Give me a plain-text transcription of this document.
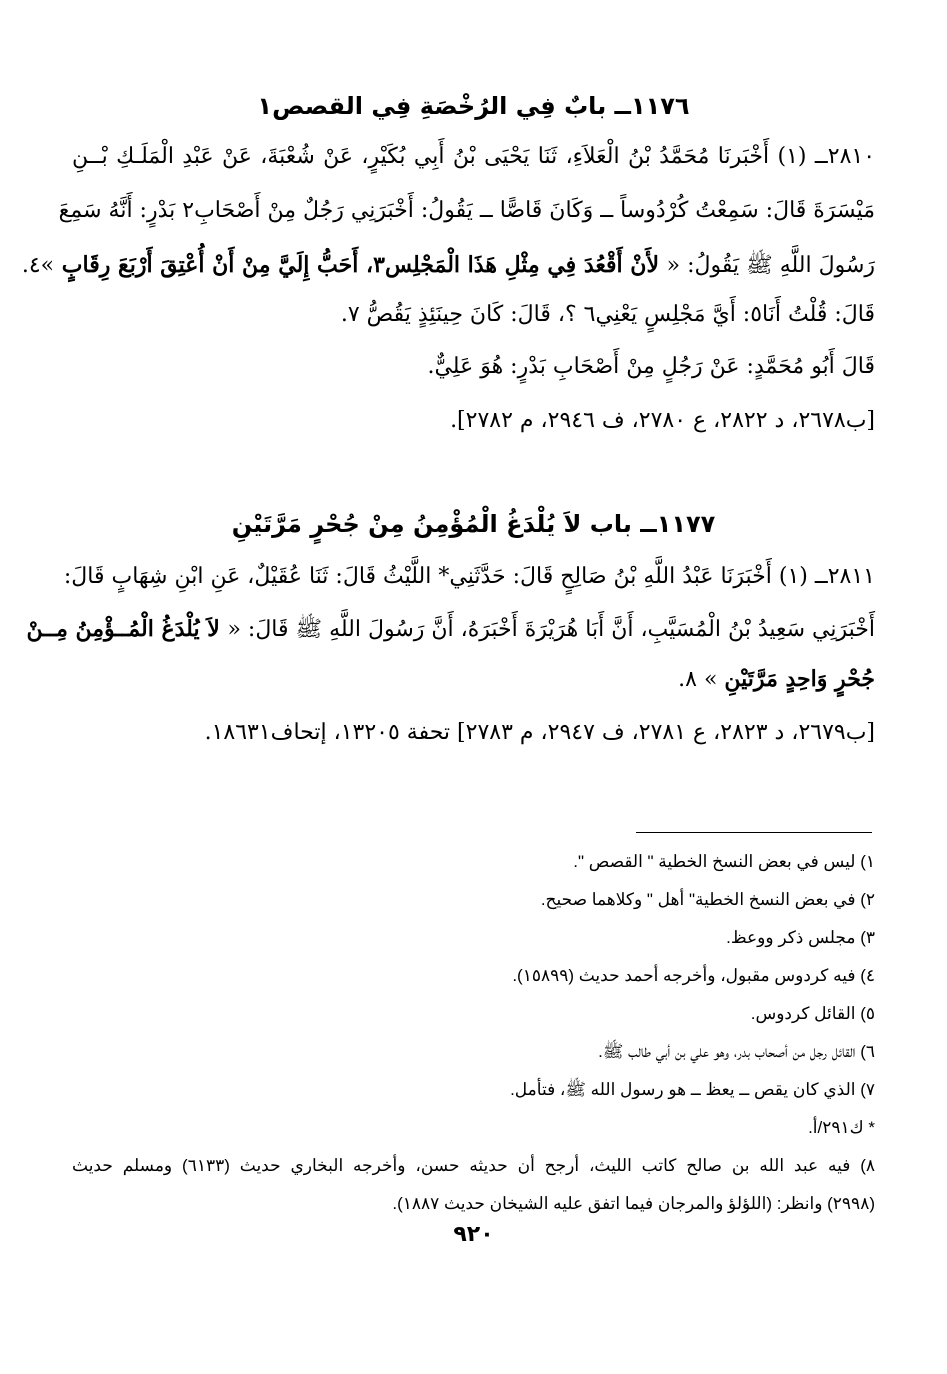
١١٧٦ــ بابٌ فِي الرُخْصَةِ فِي القصص١
٢٨١٠ــ (١) أَخْبَرنَا مُحَمَّدُ بْنُ الْعَلاَءِ، ثَنَا يَحْيَى بْنُ أَبِي بُكَيْرٍ، عَنْ شُعْبَةَ، عَنْ عَبْدِ الْمَلَـكِ بْــنِ
مَيْسَرَةَ قَالَ: سَمِعْتُ كُرْدُوساً ــ وَكَانَ قَاصًّا ــ يَقُولُ: أَخْبَرَنِي رَجُلٌ مِنْ أَصْحَابِ٢ بَدْرٍ: أَنَّهُ سَمِعَ
رَسُولَ اللَّهِ ﷺ يَقُولُ: « لأَنْ أَقْعُدَ فِي مِثْلِ هَذَا الْمَجْلِس٣، أَحَبُّ إِلَيَّ مِنْ أَنْ أُعْتِقَ أَرْبَعَ رِقَابٍ »٤.
قَالَ: قُلْتُ أَنَا٥: أَيَّ مَجْلِسٍ يَعْنِي٦ ؟، قَالَ: كَانَ حِينَئِذٍ يَقُصُّ ٧.
قَالَ أَبُو مُحَمَّدٍ: عَنْ رَجُلٍ مِنْ أَصْحَابِ بَدْرٍ: هُوَ عَلِيٌّ.
[ب٢٦٧٨، د ٢٨٢٢، ع ٢٧٨٠، ف ٢٩٤٦، م ٢٧٨٢].
١١٧٧ــ باب لاَ يُلْدَغُ الْمُؤْمِنُ مِنْ جُحْرٍ مَرَّتَيْنِ
٢٨١١ــ (١) أَخْبَرَنَا عَبْدُ اللَّهِ بْنُ صَالِحٍ قَالَ: حَدَّثَنِي* اللَّيْثُ قَالَ: ثَنَا عُقَيْلٌ، عَنِ ابْنِ شِهَابٍ قَالَ:
أَخْبَرَنِي سَعِيدُ بْنُ الْمُسَيَّبِ، أَنَّ أَبَا هُرَيْرَةَ أَخْبَرَهُ، أَنَّ رَسُولَ اللَّهِ ﷺ قَالَ: « لاَ يُلْدَغُ الْمُــؤْمِنُ مِــنْ
جُحْرٍ وَاحِدٍ مَرَّتَيْنِ » ٨.
[ب٢٦٧٩، د ٢٨٢٣، ع ٢٧٨١، ف ٢٩٤٧، م ٢٧٨٣] تحفة ١٣٢٠٥، إتحاف١٨٦٣١.
١) ليس في بعض النسخ الخطية " القصص ".
٢) في بعض النسخ الخطية" أهل " وكلاهما صحيح.
٣) مجلس ذكر ووعظ.
٤) فيه كردوس مقبول، وأخرجه أحمد حديث (١٥٨٩٩).
٥) القائل كردوس.
٦) القائل رجل من أصحاب بدر، وهو علي بن أبي طالب ﷺ.
٧) الذي كان يقص ــ يعظ ــ هو رسول الله ﷺ، فتأمل.
* ك٢٩١/أ.
٨) فيه عبد الله بن صالح كاتب الليث، أرجح أن حديثه حسن، وأخرجه البخاري حديث (٦١٣٣) ومسلم حديث
(٢٩٩٨) وانظر: (اللؤلؤ والمرجان فيما اتفق عليه الشيخان حديث ١٨٨٧).
٩٢٠
